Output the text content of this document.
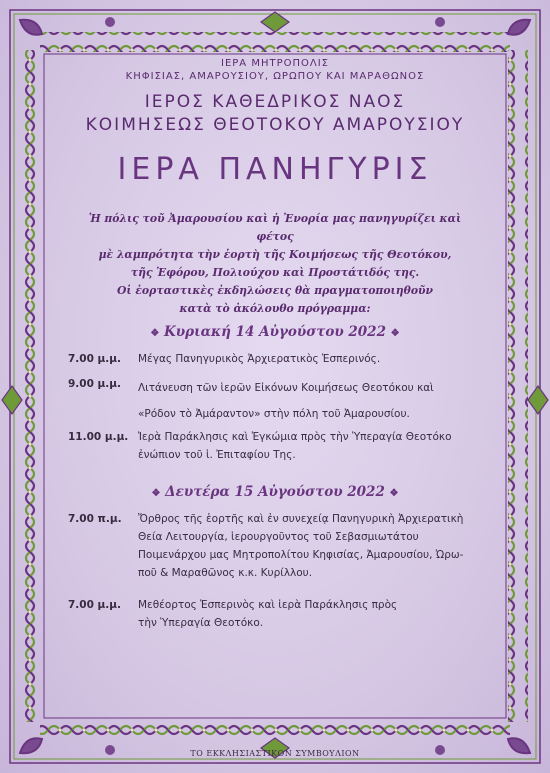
ΙΕΡΑ ΜΗΤΡΟΠΟΛΙΣ
ΚΗΦΙΣΙΑΣ, ΑΜΑΡΟΥΣΙΟΥ, ΩΡΩΠΟΥ ΚΑΙ ΜΑΡΑΘΩΝΟΣ
ΙΕΡΟΣ ΚΑΘΕΔΡΙΚΟΣ ΝΑΟΣ
ΚΟΙΜΗΣΕΩΣ ΘΕΟΤΟΚΟΥ ΑΜΑΡΟΥΣΙΟΥ
ΙΕΡΑ ΠΑΝΗΓΥΡΙΣ
Ἡ πόλις τοῦ Ἀμαρουσίου καὶ ἡ Ἐνορία μας πανηγυρίζει καὶ φέτος
μὲ λαμπρότητα τὴν ἑορτὴ τῆς Κοιμήσεως τῆς Θεοτόκου,
τῆς Ἐφόρου, Πολιούχου καὶ Προστάτιδός της.
Οἱ ἑορταστικὲς ἐκδηλώσεις θὰ πραγματοποιηθοῦν
κατὰ τὸ ἀκόλουθο πρόγραμμα:
❖ Κυριακή 14 Αὐγούστου 2022 ❖
7.00 μ.μ. Μέγας Πανηγυρικὸς Ἀρχιερατικὸς Ἑσπερινός.
9.00 μ.μ. Λιτάνευση τῶν ἱερῶν Εἰκόνων Κοιμήσεως Θεοτόκου καὶ
«Ρόδον τὸ Ἀμάραντον» στὴν πόλη τοῦ Ἀμαρουσίου.
11.00 μ.μ. Ἱερὰ Παράκλησις καὶ Ἐγκώμια πρὸς τὴν Ὑπεραγία Θεοτόκο
ἐνώπιον τοῦ ἱ. Ἐπιταφίου Της.
❖ Δευτέρα 15 Αὐγούστου 2022 ❖
7.00 π.μ. Ὄρθρος τῆς ἑορτῆς καὶ ἐν συνεχείᾳ Πανηγυρικὴ Ἀρχιερατικὴ
Θεία Λειτουργία, ἱερουργοῦντος τοῦ Σεβασμιωτάτου
Ποιμενάρχου μας Μητροπολίτου Κηφισίας, Ἀμαρουσίου, Ὠρω-
ποῦ & Μαραθῶνος κ.κ. Κυρίλλου.
7.00 μ.μ. Μεθέορτος Ἑσπερινὸς καὶ ἱερὰ Παράκλησις πρὸς
τὴν Ὑπεραγία Θεοτόκο.
ΤΟ ΕΚΚΛΗΣΙΑΣΤΙΚΟΝ ΣΥΜΒΟΥΛΙΟΝ
